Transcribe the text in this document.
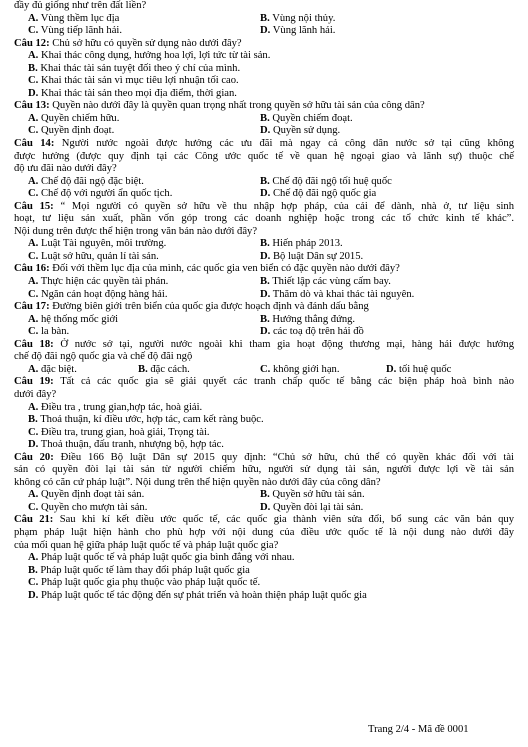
đầy đủ giống như trên đất liền?
A. Vùng thềm lục địa	B. Vùng nội thủy.
C. Vùng tiếp lãnh hải.	D. Vùng lãnh hải.
Câu 12: Chủ sở hữu có quyền sử dụng nào dưới đây?
A. Khai thác công dụng, hưởng hoa lợi, lợi tức từ tài sản.
B. Khai thác tài sản tuyệt đối theo ý chí của mình.
C. Khai thác tài sản vì mục tiêu lợi nhuận tối cao.
D. Khai thác tài sản theo mọi địa điểm, thời gian.
Câu 13: Quyền nào dưới đây là quyền quan trọng nhất trong quyền sở hữu tài sản của công dân?
A. Quyền chiếm hữu.	B. Quyền chiếm đoạt.
C. Quyền định đoạt.	D. Quyền sử dụng.
Câu 14: Người nước ngoài được hưởng các ưu đãi mà ngay cả công dân nước sở tại cũng không
được hưởng (được quy định tại các Công ước quốc tế về quan hệ ngoại giao và lãnh sự) thuộc chế
độ ưu đãi nào dưới đây?
A. Chế độ đãi ngộ đặc biệt.	B. Chế độ đãi ngộ tối huệ quốc
C. Chế độ với người ẩn quốc tịch.	D. Chế độ đãi ngộ quốc gia
Câu 15: “ Mọi người có quyền sở hữu về thu nhập hợp pháp, của cải để dành, nhà ở, tư liệu sinh
hoạt, tư liệu sản xuất, phần vốn góp trong các doanh nghiệp hoặc trong các tổ chức kinh tế khác”.
Nội dung trên được thể hiện trong văn bản nào dưới đây?
A. Luật Tài nguyên, môi trường.	B. Hiến pháp 2013.
C. Luật sở hữu, quản lí tài sản.	D. Bộ luật Dân sự 2015.
Câu 16: Đối với thềm lục địa của mình, các quốc gia ven biển có đặc quyền nào dưới đây?
A. Thực hiện các quyền tài phán.	B. Thiết lập các vùng cấm bay.
C. Ngăn cản hoạt động hàng hải.	D. Thăm dò và khai thác tài nguyên.
Câu 17: Đường biên giới trên biển của quốc gia được hoạch định và đánh dấu bằng
A. hệ thống mốc giới	B. Hướng thẳng đứng.
C. la bàn.	D. các toạ độ trên hải đồ
Câu 18: Ở nước sở tại, người nước ngoài khi tham gia hoạt động thương mại, hàng hải được hưởng
chế độ đãi ngộ quốc gia và chế độ đãi ngộ
A. đặc biệt.	B. đặc cách.	C. không giới hạn.	D. tối huệ quốc
Câu 19: Tất cả các quốc gia sẽ giải quyết các tranh chấp quốc tế bằng các biện pháp hoà bình nào
dưới đây?
A. Điều tra , trung gian,hợp tác, hoà giải.
B. Thoả thuận, kí điều ước, hợp tác, cam kết ràng buộc.
C. Điều tra, trung gian, hoà giải, Trọng tài.
D. Thoả thuận, đấu tranh, nhượng bộ, hợp tác.
Câu 20: Điều 166 Bộ luật Dân sự 2015 quy định: “Chủ sở hữu, chủ thể có quyền khác đối với tài
sản có quyền đòi lại tài sản từ người chiếm hữu, người sử dụng tài sản, người được lợi về tài sản
không có căn cứ pháp luật”. Nội dung trên thể hiện quyền nào dưới đây của công dân?
A. Quyền định đoạt tài sản.	B. Quyền sở hữu tài sản.
C. Quyền cho mượn tài sản.	D. Quyền đòi lại tài sản.
Câu 21: Sau khi kí kết điều ước quốc tế, các quốc gia thành viên sửa đổi, bổ sung các văn bản quy
phạm pháp luật hiện hành cho phù hợp với nội dung của điều ước quốc tế là nội dung nào dưới đây
của mối quan hệ giữa pháp luật quốc tế và pháp luật quốc gia?
A. Pháp luật quốc tế và pháp luật quốc gia bình đẳng với nhau.
B. Pháp luật quốc tế làm thay đổi pháp luật quốc gia
C. Pháp luật quốc gia phụ thuộc vào pháp luật quốc tế.
D. Pháp luật quốc tế tác động đến sự phát triển và hoàn thiện pháp luật quốc gia
Trang 2/4 - Mã đề 0001
